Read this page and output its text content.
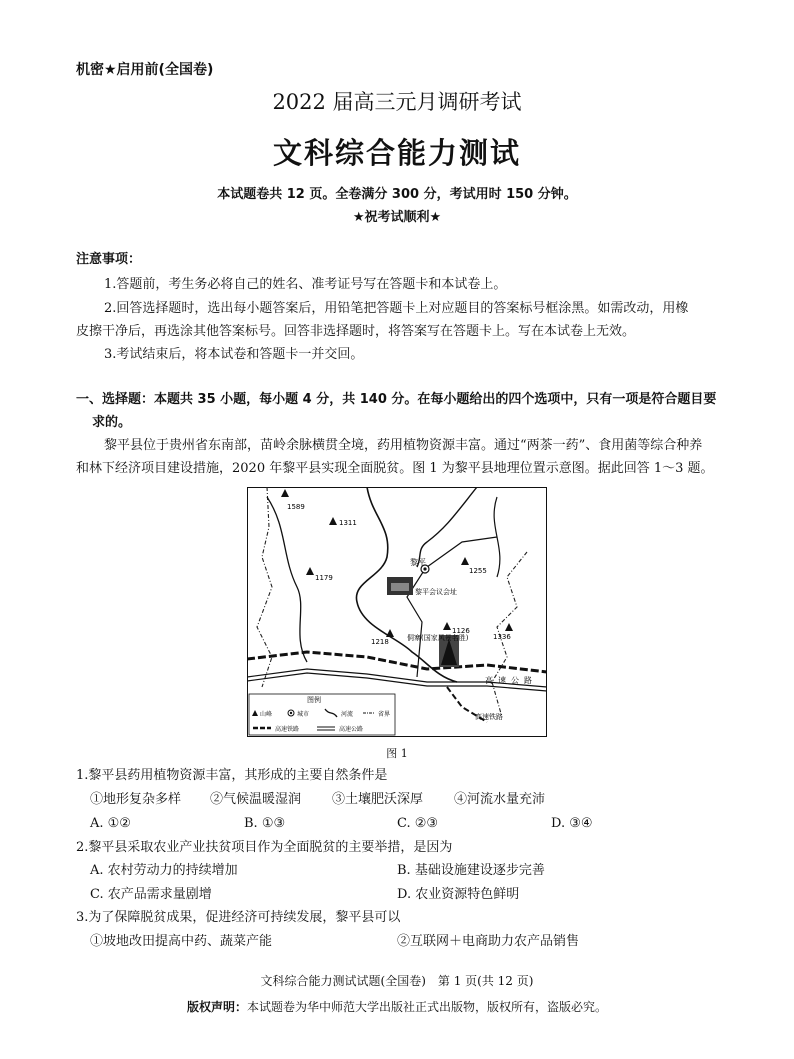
机密★启用前(全国卷)
2022 届高三元月调研考试
文科综合能力测试
本试题卷共 12 页。全卷满分 300 分，考试用时 150 分钟。
★祝考试顺利★
注意事项：
1.答题前，考生务必将自己的姓名、准考证号写在答题卡和本试卷上。
2.回答选择题时，选出每小题答案后，用铅笔把答题卡上对应题目的答案标号框涂黑。如需改动，用橡
皮擦干净后，再选涂其他答案标号。回答非选择题时，将答案写在答题卡上。写在本试卷上无效。
3.考试结束后，将本试卷和答题卡一并交回。
一、选择题：本题共 35 小题，每小题 4 分，共 140 分。在每小题给出的四个选项中，只有一项是符合题目要
求的。
黎平县位于贵州省东南部，苗岭余脉横贯全境，药用植物资源丰富。通过“两茶一药”、食用菌等综合种养
和林下经济项目建设措施，2020 年黎平县实现全面脱贫。图 1 为黎平县地理位置示意图。据此回答 1～3 题。
1589
1311
1179
1255
1218
1126
1336
黎平
黎平会议会址
侗寨(国家风景名胜)
高速公路
高速铁路
图例
山峰	城市	河流	省界
高速铁路	高速公路
图 1
1.黎平县药用植物资源丰富，其形成的主要自然条件是
①地形复杂多样 ②气候温暖湿润 ③土壤肥沃深厚 ④河流水量充沛
A. ①②	B. ①③	C. ②③	D. ③④
2.黎平县采取农业产业扶贫项目作为全面脱贫的主要举措，是因为
A. 农村劳动力的持续增加	B. 基础设施建设逐步完善
C. 农产品需求量剧增	D. 农业资源特色鲜明
3.为了保障脱贫成果，促进经济可持续发展，黎平县可以
①坡地改田提高中药、蔬菜产能	②互联网＋电商助力农产品销售
文科综合能力测试试题(全国卷)　第 1 页(共 12 页)
版权声明：本试题卷为华中师范大学出版社正式出版物，版权所有，盗版必究。
